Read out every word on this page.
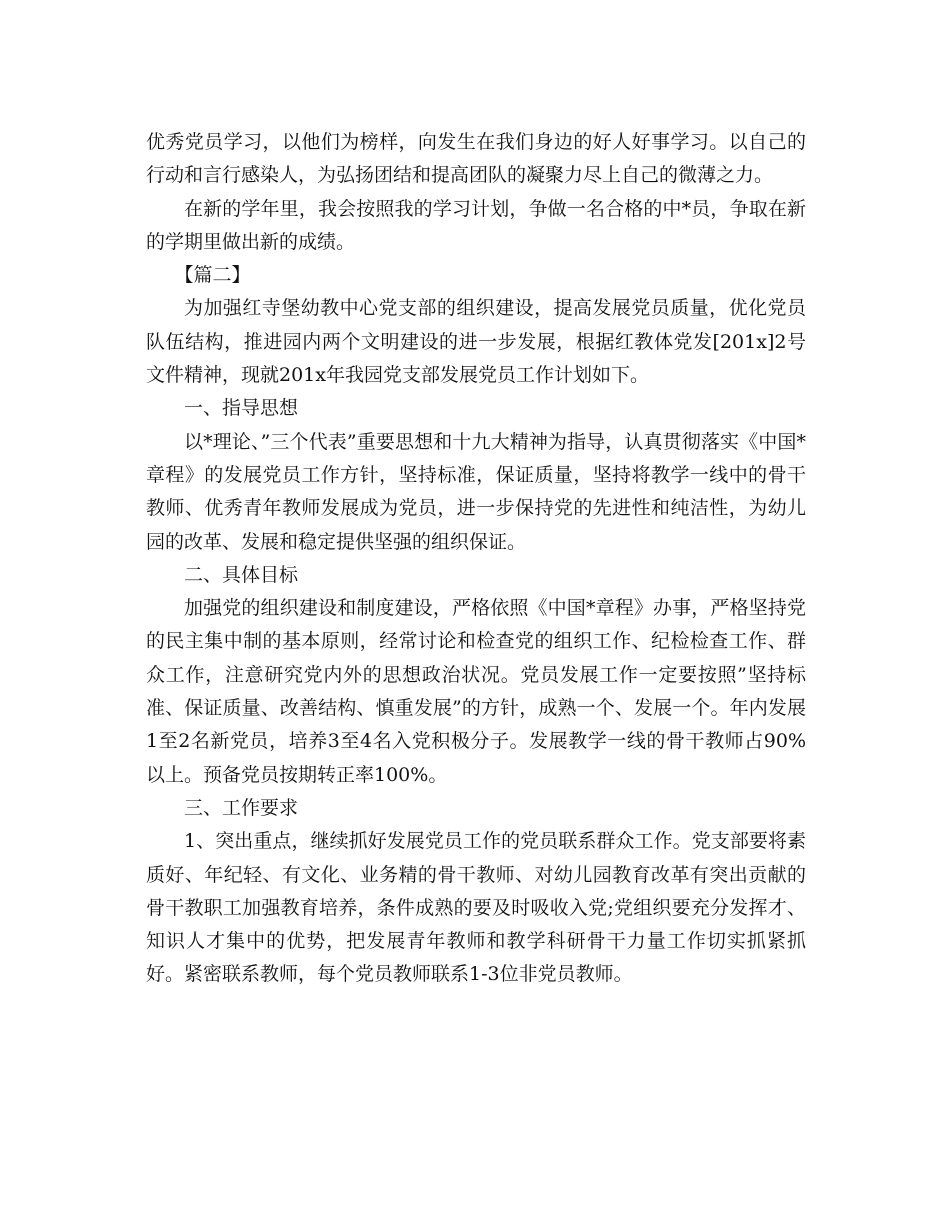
优秀党员学习，以他们为榜样，向发生在我们身边的好人好事学习。以自己的行动和言行感染人，为弘扬团结和提高团队的凝聚力尽上自己的微薄之力。

在新的学年里，我会按照我的学习计划，争做一名合格的中*员，争取在新的学期里做出新的成绩。

【篇二】

为加强红寺堡幼教中心党支部的组织建设，提高发展党员质量，优化党员队伍结构，推进园内两个文明建设的进一步发展，根据红教体党发[201x]2号文件精神，现就201x年我园党支部发展党员工作计划如下。

一、指导思想

以*理论、”三个代表”重要思想和十九大精神为指导，认真贯彻落实《中国*章程》的发展党员工作方针，坚持标准，保证质量，坚持将教学一线中的骨干教师、优秀青年教师发展成为党员，进一步保持党的先进性和纯洁性，为幼儿园的改革、发展和稳定提供坚强的组织保证。

二、具体目标

加强党的组织建设和制度建设，严格依照《中国*章程》办事，严格坚持党的民主集中制的基本原则，经常讨论和检查党的组织工作、纪检检查工作、群众工作，注意研究党内外的思想政治状况。党员发展工作一定要按照”坚持标准、保证质量、改善结构、慎重发展”的方针，成熟一个、发展一个。年内发展1至2名新党员，培养3至4名入党积极分子。发展教学一线的骨干教师占90%以上。预备党员按期转正率100%。

三、工作要求

1、突出重点，继续抓好发展党员工作的党员联系群众工作。党支部要将素质好、年纪轻、有文化、业务精的骨干教师、对幼儿园教育改革有突出贡献的骨干教职工加强教育培养，条件成熟的要及时吸收入党;党组织要充分发挥才、知识人才集中的优势，把发展青年教师和教学科研骨干力量工作切实抓紧抓好。紧密联系教师，每个党员教师联系1-3位非党员教师。
